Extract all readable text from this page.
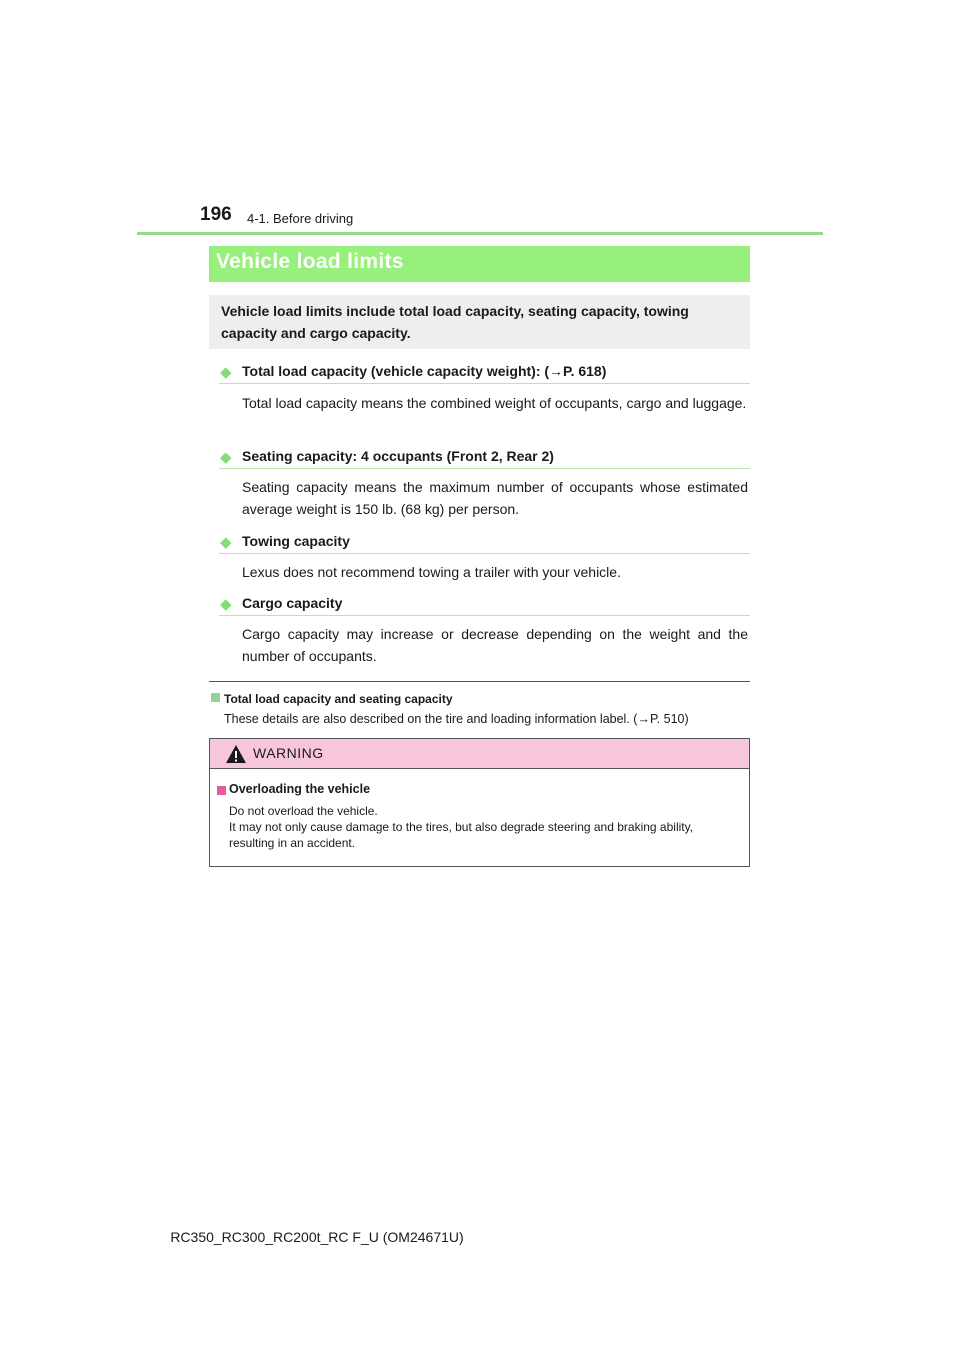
196 4-1. Before driving
Vehicle load limits
Vehicle load limits include total load capacity, seating capacity, towing capacity and cargo capacity.
◆ Total load capacity (vehicle capacity weight): (→P. 618)
Total load capacity means the combined weight of occupants, cargo and luggage.
◆ Seating capacity: 4 occupants (Front 2, Rear 2)
Seating capacity means the maximum number of occupants whose estimated average weight is 150 lb. (68 kg) per person.
◆ Towing capacity
Lexus does not recommend towing a trailer with your vehicle.
◆ Cargo capacity
Cargo capacity may increase or decrease depending on the weight and the number of occupants.
Total load capacity and seating capacity
These details are also described on the tire and loading information label. (→P. 510)
WARNING
Overloading the vehicle
Do not overload the vehicle.
It may not only cause damage to the tires, but also degrade steering and braking ability,
resulting in an accident.
RC350_RC300_RC200t_RC F_U (OM24671U)
